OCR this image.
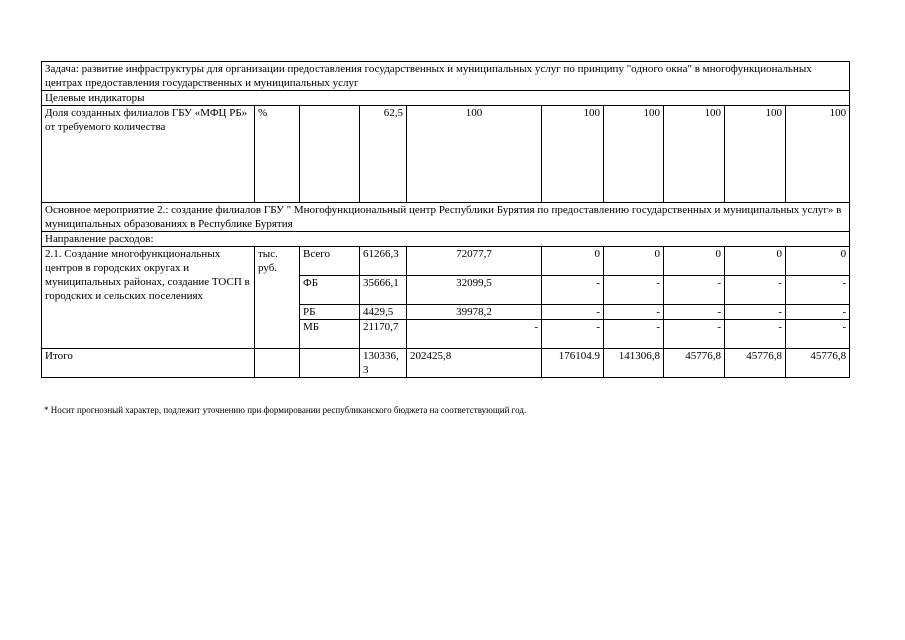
Задача: развитие инфраструктуры для организации предоставления государственных и муниципальных услуг по принципу "одного окна" в многофункциональных центрах предоставления государственных и муниципальных услуг									
Целевые индикаторы									
Доля созданных филиалов ГБУ «МФЦ РБ» от требуемого количества	%		62,5	100	100	100	100	100	100
Основное мероприятие 2.: создание филиалов ГБУ " Многофункциональный центр Республики Бурятия по предоставлению государственных и муниципальных услуг» в муниципальных образованиях в Республике Бурятия									
Направление расходов:									
2.1. Создание многофункциональных центров в городских округах и муниципальных районах, создание ТОСП в городских и сельских поселениях	тыс. руб.	Всего	61266,3	72077,7	0	0	0	0	0
		ФБ	35666,1	32099,5	-	-	-	-	-
		РБ	4429,5	39978,2	-	-	-	-	-
		МБ	21170,7	-	-	-	-	-	-
Итого			130336,3	202425,8	176104.9	141306,8	45776,8	45776,8	45776,8
* Носит прогнозный характер, подлежит уточнению при формировании республиканского бюджета на соответствующий год.
